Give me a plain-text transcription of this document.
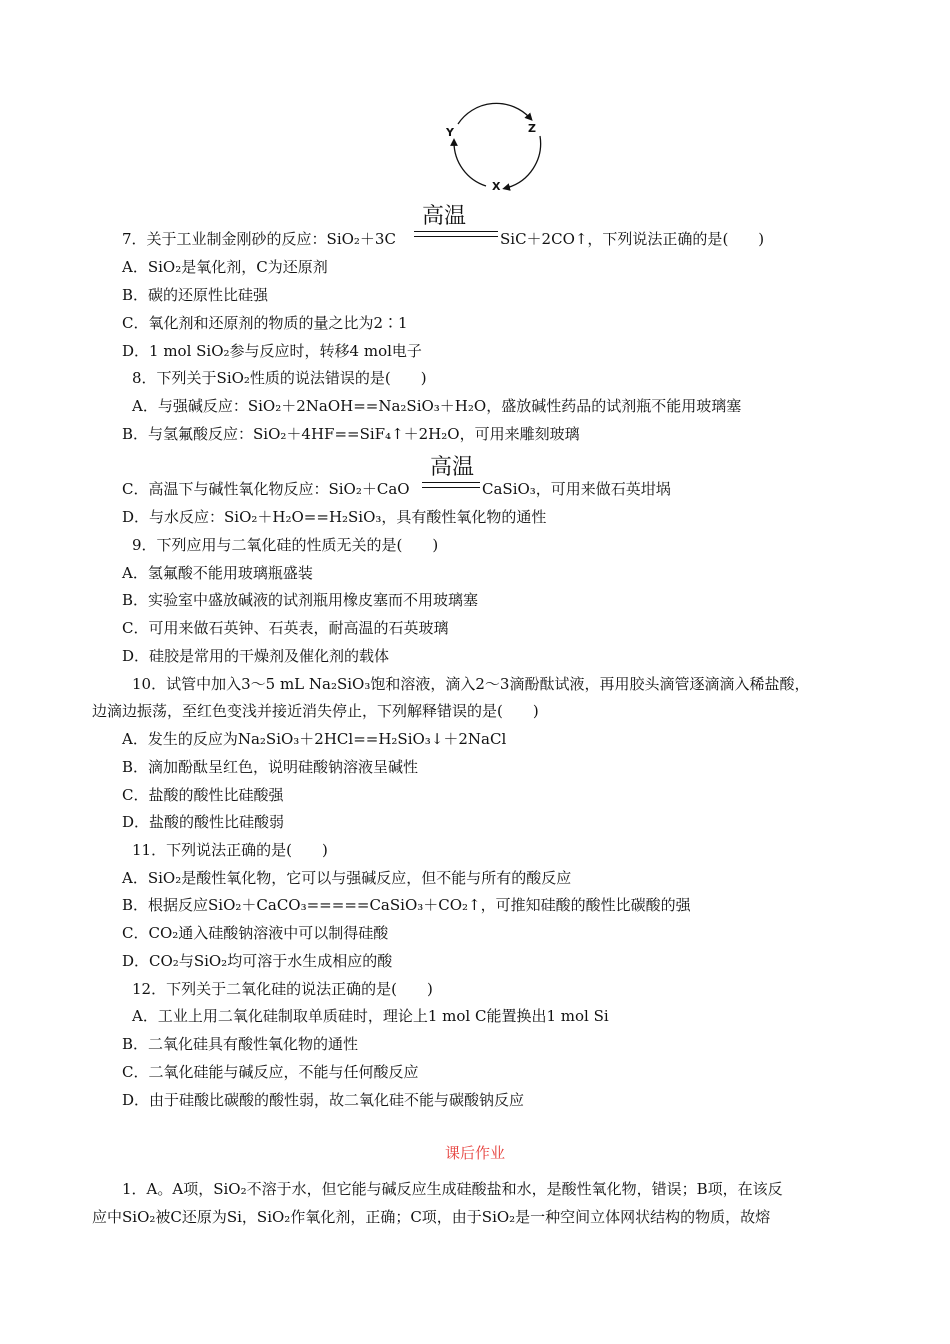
Y	Z
X
高温
7．关于工业制金刚砂的反应：SiO₂＋3C	SiC＋2CO↑，下列说法正确的是(　　)
A．SiO₂是氧化剂，C为还原剂
B．碳的还原性比硅强
C．氧化剂和还原剂的物质的量之比为2∶1
D．1 mol SiO₂参与反应时，转移4 mol电子
8．下列关于SiO₂性质的说法错误的是(　　)
A．与强碱反应：SiO₂＋2NaOH==Na₂SiO₃＋H₂O，盛放碱性药品的试剂瓶不能用玻璃塞
B．与氢氟酸反应：SiO₂＋4HF==SiF₄↑＋2H₂O，可用来雕刻玻璃
高温
C．高温下与碱性氧化物反应：SiO₂＋CaO	CaSiO₃，可用来做石英坩埚
D．与水反应：SiO₂＋H₂O==H₂SiO₃，具有酸性氧化物的通性
9．下列应用与二氧化硅的性质无关的是(　　)
A．氢氟酸不能用玻璃瓶盛装
B．实验室中盛放碱液的试剂瓶用橡皮塞而不用玻璃塞
C．可用来做石英钟、石英表，耐高温的石英玻璃
D．硅胶是常用的干燥剂及催化剂的载体
10．试管中加入3～5 mL Na₂SiO₃饱和溶液，滴入2～3滴酚酞试液，再用胶头滴管逐滴滴入稀盐酸，
边滴边振荡，至红色变浅并接近消失停止，下列解释错误的是(　　)
A．发生的反应为Na₂SiO₃＋2HCl==H₂SiO₃↓＋2NaCl
B．滴加酚酞呈红色，说明硅酸钠溶液呈碱性
C．盐酸的酸性比硅酸强
D．盐酸的酸性比硅酸弱
11．下列说法正确的是(　　)
A．SiO₂是酸性氧化物，它可以与强碱反应，但不能与所有的酸反应
B．根据反应SiO₂＋CaCO₃=====CaSiO₃＋CO₂↑，可推知硅酸的酸性比碳酸的强
C．CO₂通入硅酸钠溶液中可以制得硅酸
D．CO₂与SiO₂均可溶于水生成相应的酸
12．下列关于二氧化硅的说法正确的是(　　)
A．工业上用二氧化硅制取单质硅时，理论上1 mol C能置换出1 mol Si
B．二氧化硅具有酸性氧化物的通性
C．二氧化硅能与碱反应，不能与任何酸反应
D．由于硅酸比碳酸的酸性弱，故二氧化硅不能与碳酸钠反应
课后作业
1．A。A项，SiO₂不溶于水，但它能与碱反应生成硅酸盐和水，是酸性氧化物，错误；B项，在该反
应中SiO₂被C还原为Si，SiO₂作氧化剂，正确；C项，由于SiO₂是一种空间立体网状结构的物质，故熔
